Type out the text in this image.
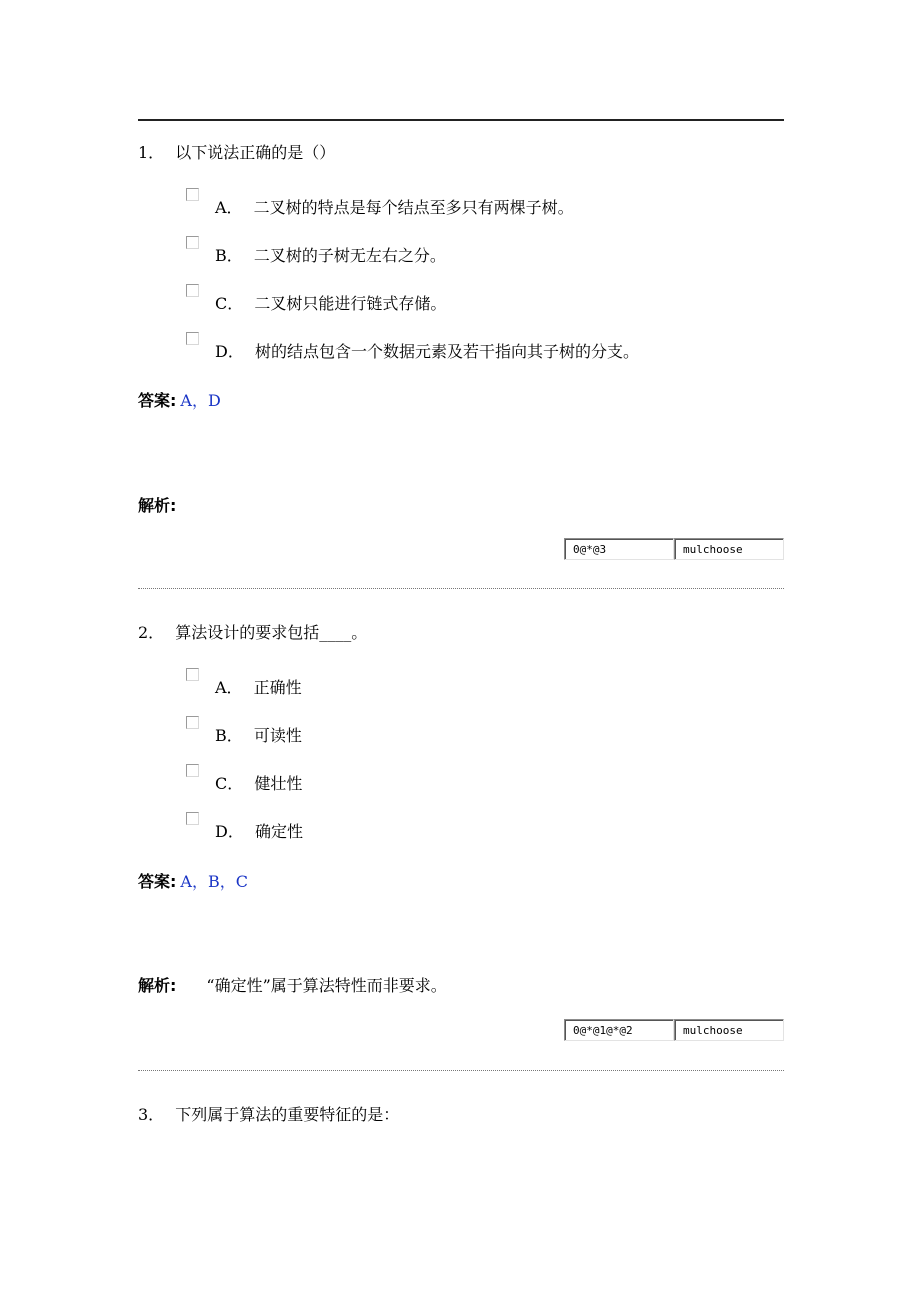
1． 以下说法正确的是（）
A． 二叉树的特点是每个结点至多只有两棵子树。
B． 二叉树的子树无左右之分。
C． 二叉树只能进行链式存储。
D． 树的结点包含一个数据元素及若干指向其子树的分支。
答案: A，D
解析:
0@*@3	mulchoose
2． 算法设计的要求包括____。
A． 正确性
B． 可读性
C． 健壮性
D． 确定性
答案: A，B，C
解析: “确定性”属于算法特性而非要求。
0@*@1@*@2	mulchoose
3． 下列属于算法的重要特征的是：
